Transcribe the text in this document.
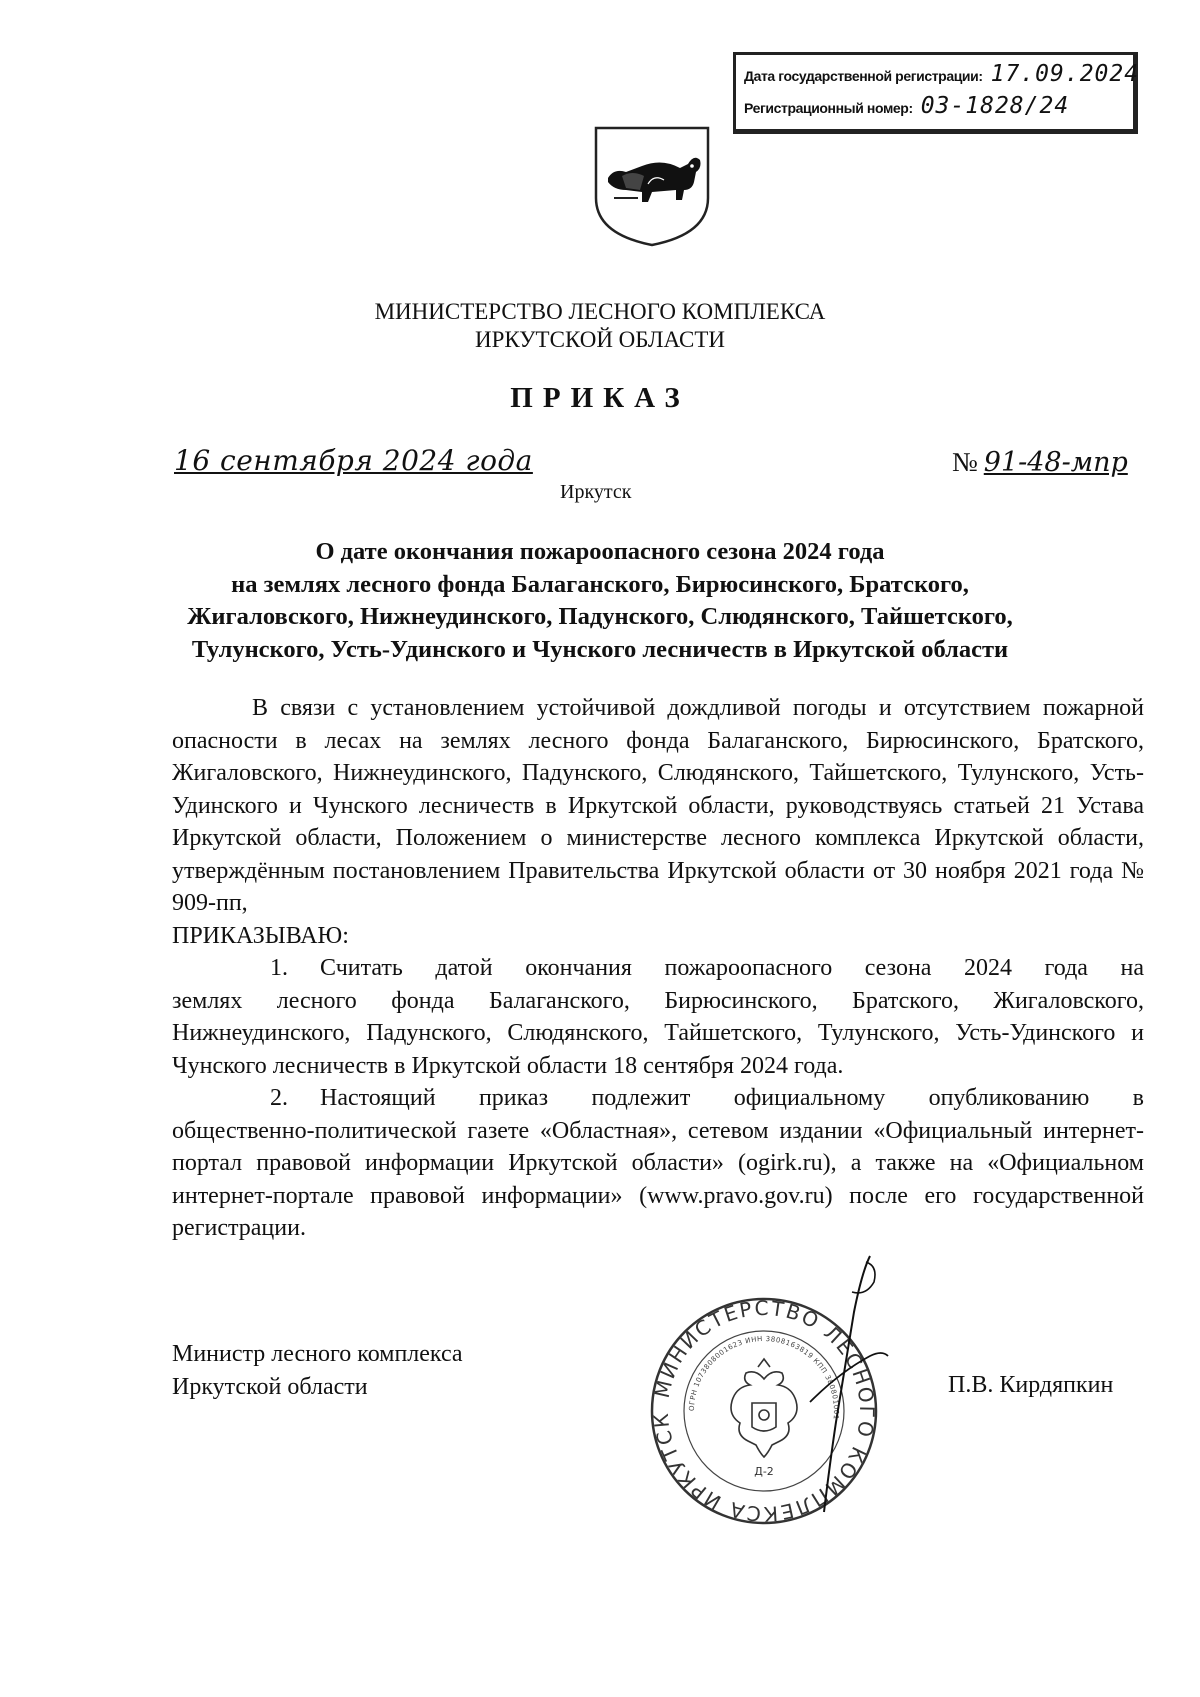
Дата государственной регистрации: 17.09.2024
Регистрационный номер: 03-1828/24
МИНИСТЕРСТВО ЛЕСНОГО КОМПЛЕКСА
ИРКУТСКОЙ ОБЛАСТИ
ПРИКАЗ
16 сентября 2024 года	№ 91-48-мпр
Иркутск
О дате окончания пожароопасного сезона 2024 года
на землях лесного фонда Балаганского, Бирюсинского, Братского,
Жигаловского, Нижнеудинского, Падунского, Слюдянского, Тайшетского,
Тулунского, Усть-Удинского и Чунского лесничеств в Иркутской области

В связи с установлением устойчивой дождливой погоды и отсутствием пожарной опасности в лесах на землях лесного фонда Балаганского, Бирюсинского, Братского, Жигаловского, Нижнеудинского, Падунского, Слюдянского, Тайшетского, Тулунского, Усть-Удинского и Чунского лесничеств в Иркутской области, руководствуясь статьей 21 Устава Иркутской области, Положением о министерстве лесного комплекса Иркутской области, утверждённым постановлением Правительства Иркутской области от 30 ноября 2021 года № 909-пп,

ПРИКАЗЫВАЮ:

1.	Считать датой окончания пожароопасного сезона 2024 года на

землях лесного фонда Балаганского, Бирюсинского, Братского, Жигаловского, Нижнеудинского, Падунского, Слюдянского, Тайшетского, Тулунского, Усть-Удинского и Чунского лесничеств в Иркутской области 18 сентября 2024 года.

2.	Настоящий приказ подлежит официальному опубликованию в

общественно-политической газете «Областная», сетевом издании «Официальный интернет-портал правовой информации Иркутской области» (ogirk.ru), а также на «Официальном интернет-портале правовой информации» (www.pravo.gov.ru) после его государственной регистрации.

МИНИСТЕРСТВО ЛЕСНОГО КОМПЛЕКСА ИРКУТСК
ОГРН 1073808001623 ИНН 3808163819 КПП 380801001
Д-2
Министр лесного комплекса
Иркутской области	П.В. Кирдяпкин
